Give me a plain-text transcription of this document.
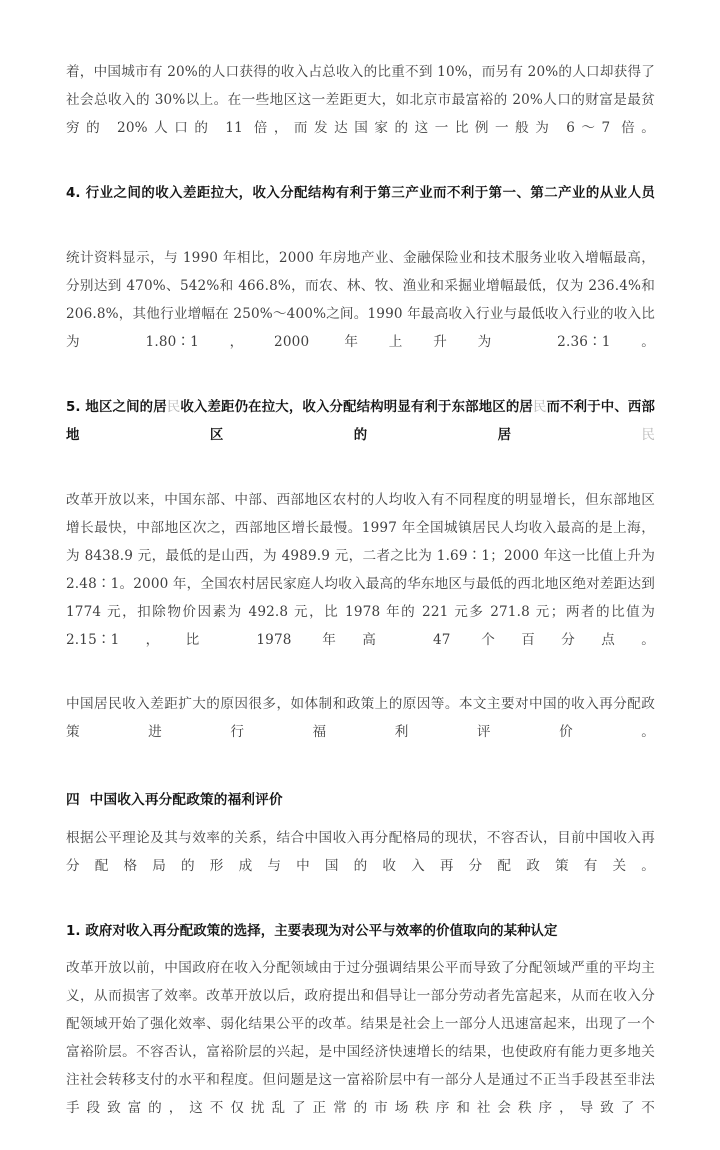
着，中国城市有 20%的人口获得的收入占总收入的比重不到 10%，而另有 20%的人口却获得了社会总收入的 30%以上。在一些地区这一差距更大，如北京市最富裕的 20%人口的财富是最贫穷的 20%人口的 11 倍，而发达国家的这一比例一般为 6～7 倍。

4. 行业之间的收入差距拉大，收入分配结构有利于第三产业而不利于第一、第二产业的从业人员

统计资料显示，与 1990 年相比，2000 年房地产业、金融保险业和技术服务业收入增幅最高，分别达到 470%、542%和 466.8%，而农、林、牧、渔业和采掘业增幅最低，仅为 236.4%和 206.8%，其他行业增幅在 250%～400%之间。1990 年最高收入行业与最低收入行业的收入比为 1.80∶1，2000 年上升为 2.36∶1。

5. 地区之间的居民收入差距仍在拉大，收入分配结构明显有利于东部地区的居民而不利于中、西部地区的居民

改革开放以来，中国东部、中部、西部地区农村的人均收入有不同程度的明显增长，但东部地区增长最快，中部地区次之，西部地区增长最慢。1997 年全国城镇居民人均收入最高的是上海，为 8438.9 元，最低的是山西，为 4989.9 元，二者之比为 1.69∶1；2000 年这一比值上升为 2.48∶1。2000 年，全国农村居民家庭人均收入最高的华东地区与最低的西北地区绝对差距达到 1774 元，扣除物价因素为 492.8 元，比 1978 年的 221 元多 271.8 元；两者的比值为 2.15∶1，比 1978 年高 47 个百分点。

中国居民收入差距扩大的原因很多，如体制和政策上的原因等。本文主要对中国的收入再分配政策进行福利评价。

四  中国收入再分配政策的福利评价

根据公平理论及其与效率的关系，结合中国收入再分配格局的现状，不容否认，目前中国收入再分配格局的形成与中国的收入再分配政策有关。

1. 政府对收入再分配政策的选择，主要表现为对公平与效率的价值取向的某种认定

改革开放以前，中国政府在收入分配领域由于过分强调结果公平而导致了分配领域严重的平均主义，从而损害了效率。改革开放以后，政府提出和倡导让一部分劳动者先富起来，从而在收入分配领域开始了强化效率、弱化结果公平的改革。结果是社会上一部分人迅速富起来，出现了一个富裕阶层。不容否认，富裕阶层的兴起，是中国经济快速增长的结果，也使政府有能力更多地关注社会转移支付的水平和程度。但问题是这一富裕阶层中有一部分人是通过不正当手段甚至非法手段致富的，这不仅扰乱了正常的市场秩序和社会秩序，导致了不
